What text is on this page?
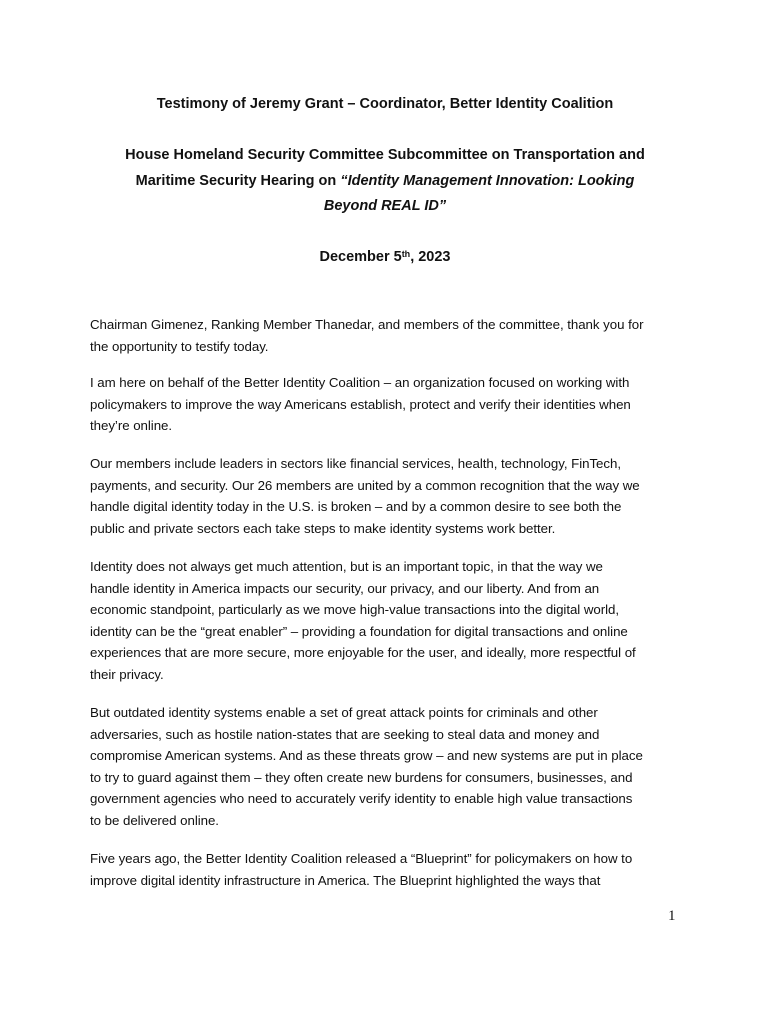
Testimony of Jeremy Grant – Coordinator, Better Identity Coalition

House Homeland Security Committee Subcommittee on Transportation and

Maritime Security Hearing on “Identity Management Innovation: Looking

Beyond REAL ID”

December 5th, 2023

Chairman Gimenez, Ranking Member Thanedar, and members of the committee, thank you for
the opportunity to testify today.

I am here on behalf of the Better Identity Coalition – an organization focused on working with
policymakers to improve the way Americans establish, protect and verify their identities when
they’re online.

Our members include leaders in sectors like financial services, health, technology, FinTech,
payments, and security. Our 26 members are united by a common recognition that the way we
handle digital identity today in the U.S. is broken – and by a common desire to see both the
public and private sectors each take steps to make identity systems work better.

Identity does not always get much attention, but is an important topic, in that the way we
handle identity in America impacts our security, our privacy, and our liberty. And from an
economic standpoint, particularly as we move high-value transactions into the digital world,
identity can be the “great enabler” – providing a foundation for digital transactions and online
experiences that are more secure, more enjoyable for the user, and ideally, more respectful of
their privacy.

But outdated identity systems enable a set of great attack points for criminals and other
adversaries, such as hostile nation-states that are seeking to steal data and money and
compromise American systems. And as these threats grow – and new systems are put in place
to try to guard against them – they often create new burdens for consumers, businesses, and
government agencies who need to accurately verify identity to enable high value transactions
to be delivered online.

Five years ago, the Better Identity Coalition released a “Blueprint” for policymakers on how to
improve digital identity infrastructure in America. The Blueprint highlighted the ways that

1
